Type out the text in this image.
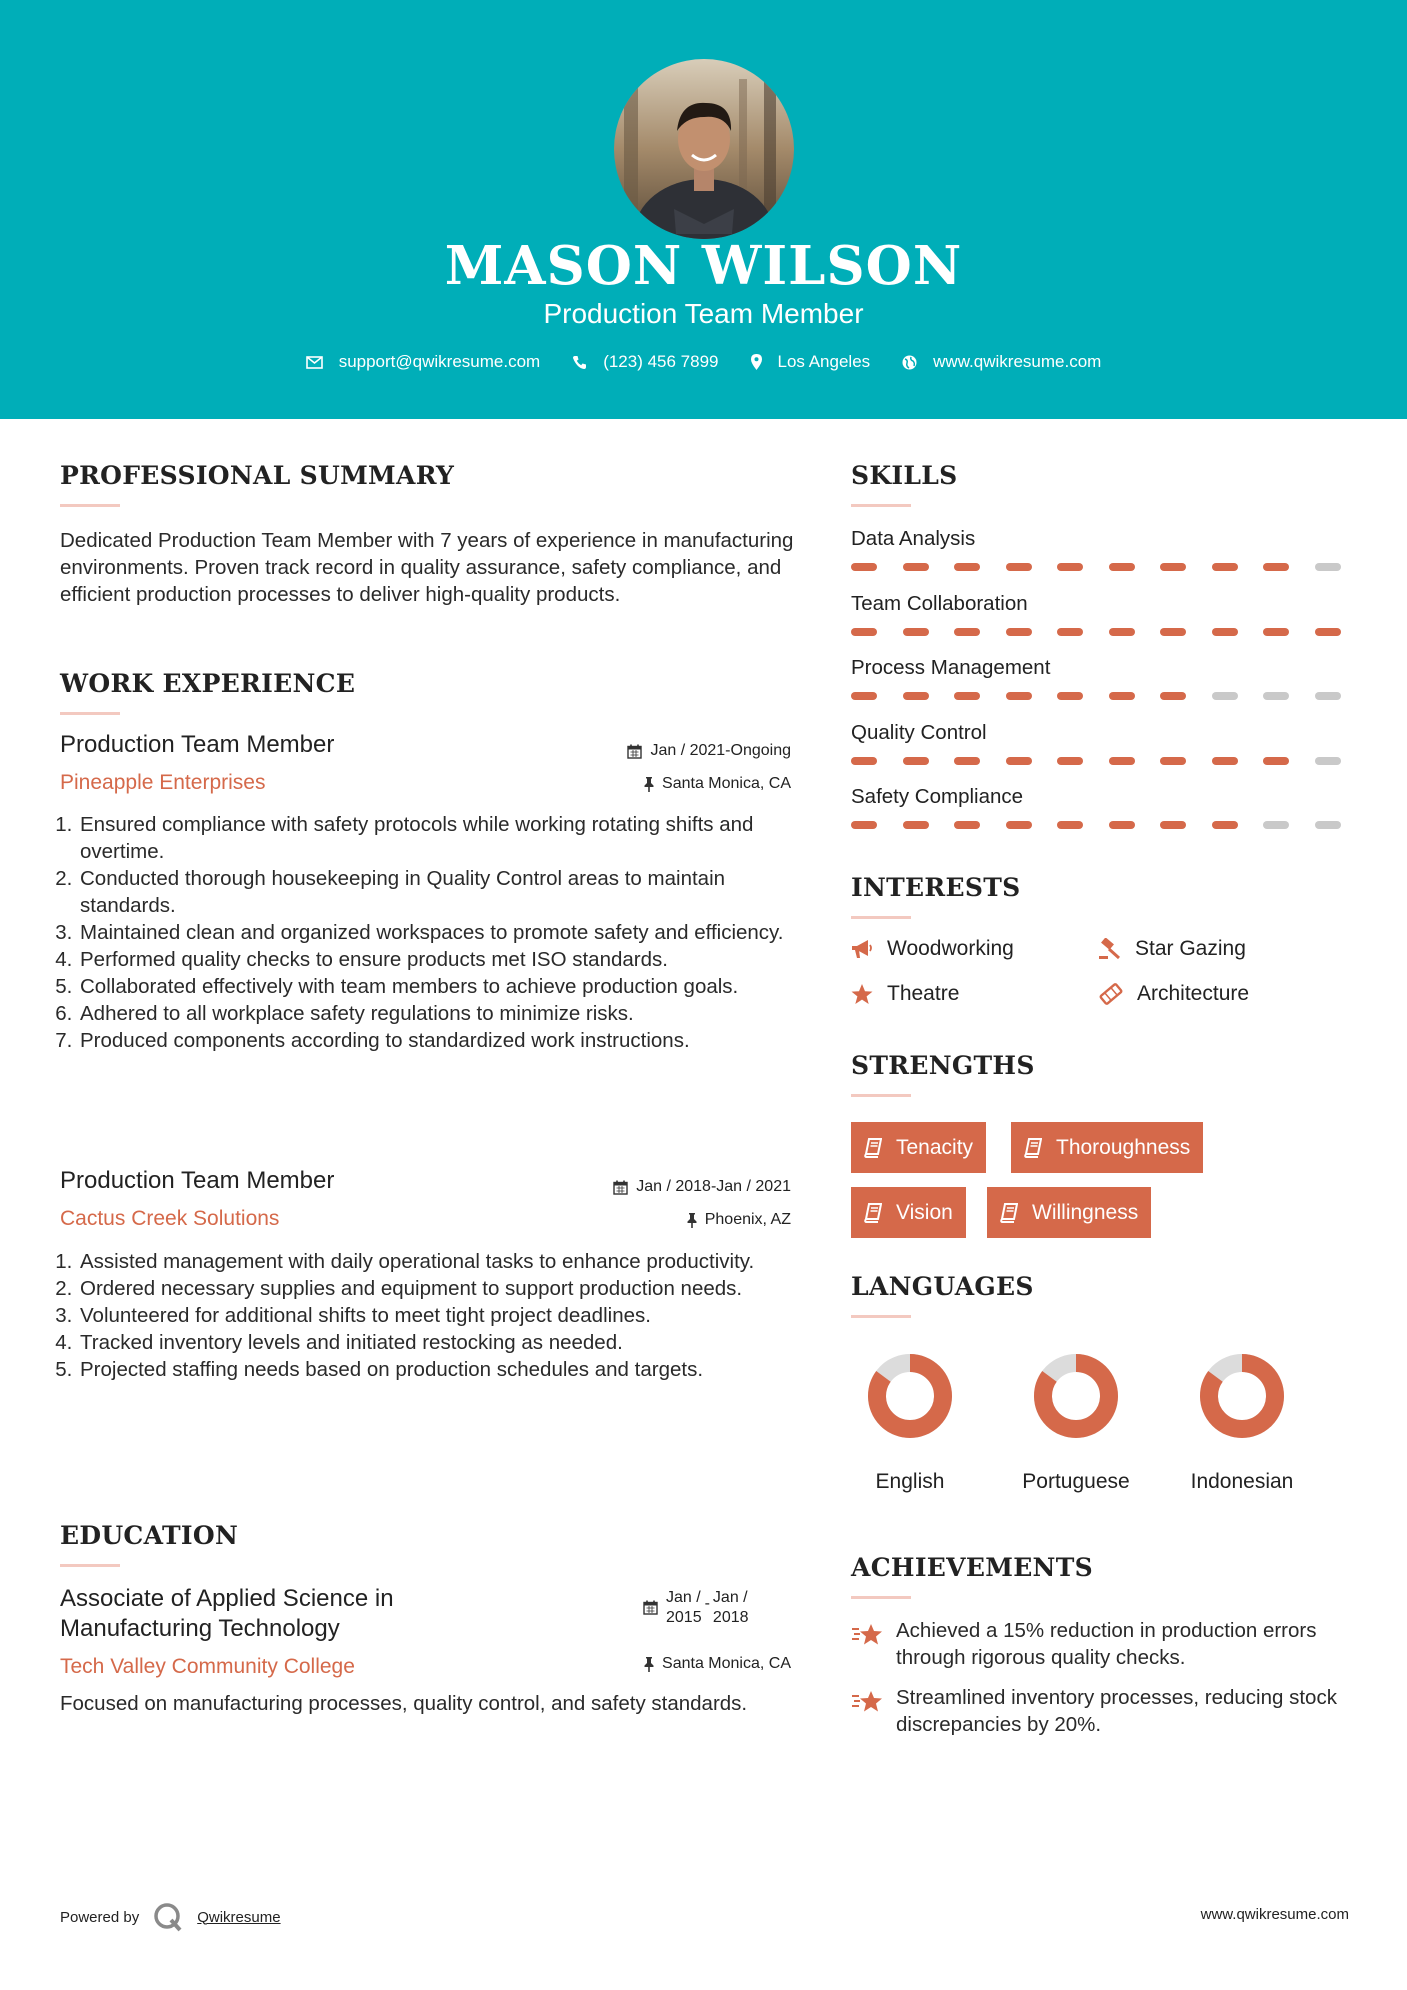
MASON WILSON
Production Team Member
support@qwikresume.com	(123) 456 7899	Los Angeles	www.qwikresume.com
PROFESSIONAL SUMMARY
Dedicated Production Team Member with 7 years of experience in manufacturing environments. Proven track record in quality assurance, safety compliance, and efficient production processes to deliver high-quality products.
WORK EXPERIENCE
Production Team Member
Pineapple Enterprises
Jan / 2021-Ongoing
Santa Monica, CA
1. Ensured compliance with safety protocols while working rotating shifts and overtime.
2. Conducted thorough housekeeping in Quality Control areas to maintain standards.
3. Maintained clean and organized workspaces to promote safety and efficiency.
4. Performed quality checks to ensure products met ISO standards.
5. Collaborated effectively with team members to achieve production goals.
6. Adhered to all workplace safety regulations to minimize risks.
7. Produced components according to standardized work instructions.
Production Team Member
Cactus Creek Solutions
Jan / 2018-Jan / 2021
Phoenix, AZ
1. Assisted management with daily operational tasks to enhance productivity.
2. Ordered necessary supplies and equipment to support production needs.
3. Volunteered for additional shifts to meet tight project deadlines.
4. Tracked inventory levels and initiated restocking as needed.
5. Projected staffing needs based on production schedules and targets.
EDUCATION
Associate of Applied Science in Manufacturing Technology
Jan /
2015
- Jan /
2018
Tech Valley Community College	Santa Monica, CA
Focused on manufacturing processes, quality control, and safety standards.
SKILLS
Data Analysis
Team Collaboration
Process Management
Quality Control
Safety Compliance
INTERESTS
Woodworking	Star Gazing
Theatre	Architecture
STRENGTHS
Tenacity	Thoroughness
Vision	Willingness
LANGUAGES
English	Portuguese	Indonesian
ACHIEVEMENTS
Achieved a 15% reduction in production errors through rigorous quality checks.
Streamlined inventory processes, reducing stock discrepancies by 20%.
Powered by	Qwikresume	www.qwikresume.com
